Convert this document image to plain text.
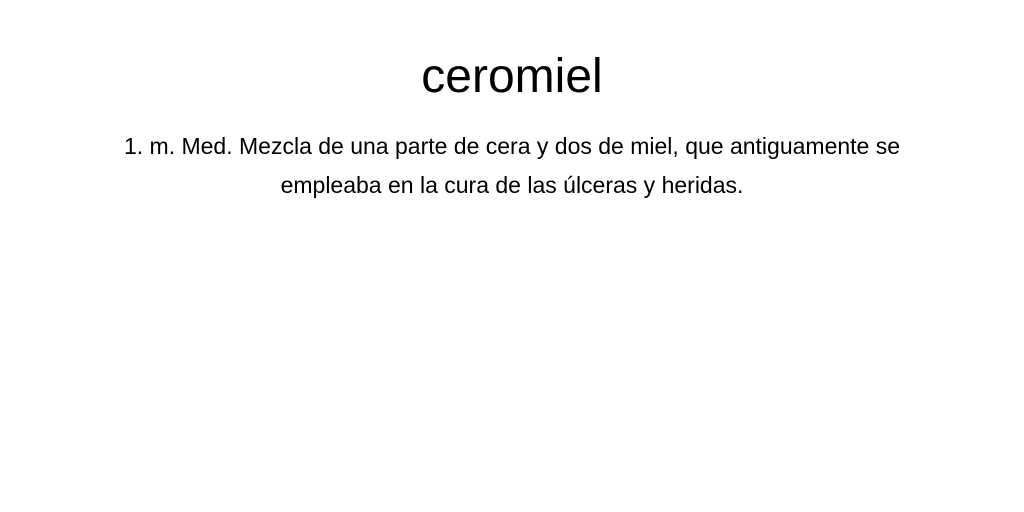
ceromiel

1. m. Med. Mezcla de una parte de cera y dos de miel, que antiguamente se empleaba en la cura de las úlceras y heridas.
